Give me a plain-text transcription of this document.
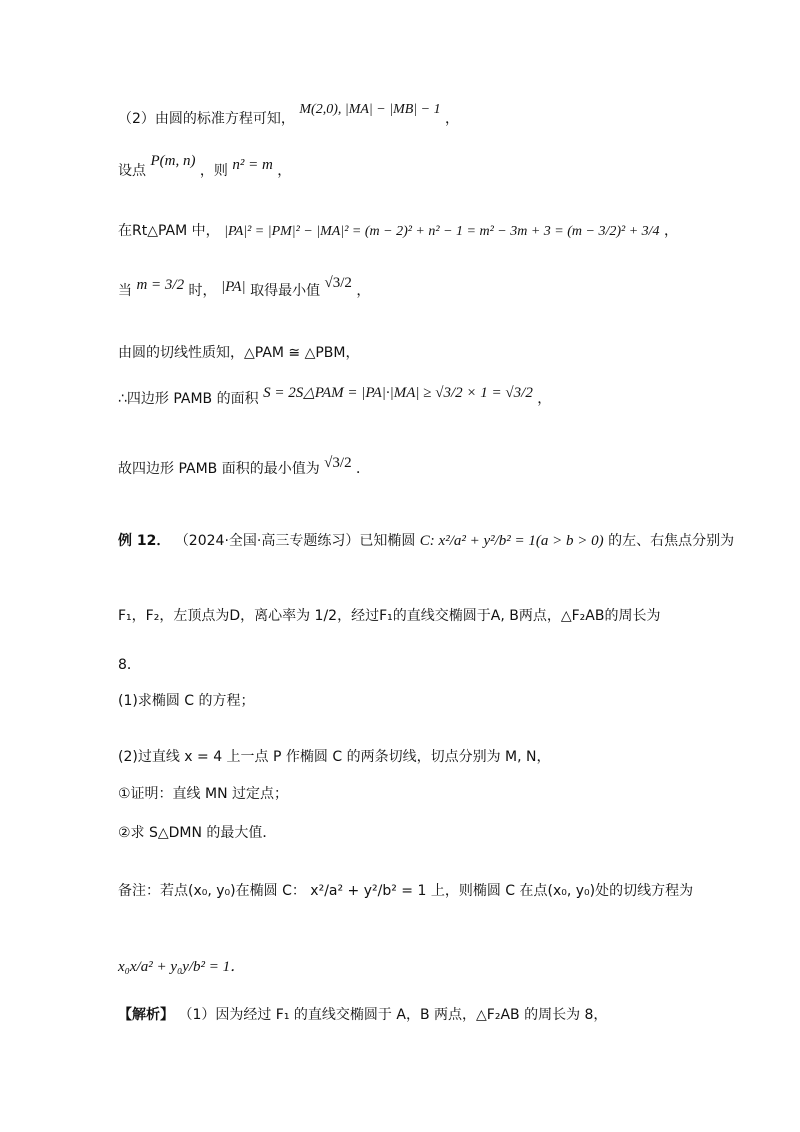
（2）由圆的标准方程可知， M(2,0), |MA| − |MB| − 1 ，
设点 P(m, n) ，则 n² = m ，
在Rt△PAM 中， |PA|² = |PM|² − |MA|² = (m − 2)² + n² − 1 = m² − 3m + 3 = (m − 3/2)² + 3/4 ，
当 m = 3/2 时， |PA| 取得最小值 √3/2 ，
由圆的切线性质知，△PAM ≅ △PBM，
∴四边形 PAMB 的面积 S = 2S△PAM = |PA|·|MA| ≥ √3/2 × 1 = √3/2 ，
故四边形 PAMB 面积的最小值为 √3/2 ．
例 12． （2024·全国·高三专题练习）已知椭圆 C: x²/a² + y²/b² = 1(a > b > 0) 的左、右焦点分别为
F₁，F₂，左顶点为D，离心率为 1/2，经过F₁的直线交椭圆于A, B两点，△F₂AB的周长为
8．
(1)求椭圆 C 的方程；
(2)过直线 x = 4 上一点 P 作椭圆 C 的两条切线，切点分别为 M, N，
①证明：直线 MN 过定点；
②求 S△DMN 的最大值．
备注：若点(x₀, y₀)在椭圆 C： x²/a² + y²/b² = 1 上，则椭圆 C 在点(x₀, y₀)处的切线方程为
x₀x/a² + y₀y/b² = 1．
【解析】 （1）因为经过 F₁ 的直线交椭圆于 A，B 两点，△F₂AB 的周长为 8，
